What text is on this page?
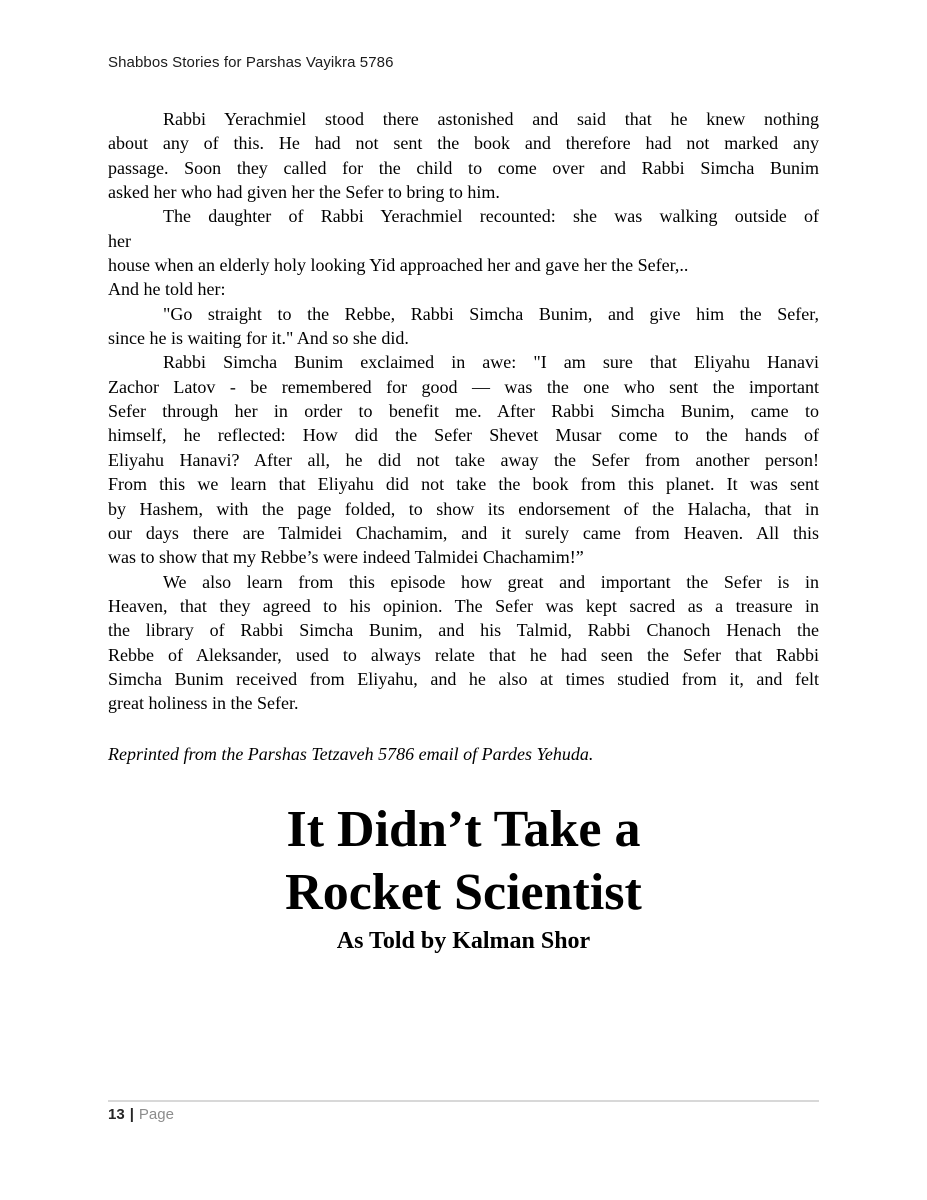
Shabbos Stories for Parshas Vayikra 5786
Rabbi Yerachmiel stood there astonished and said that he knew nothing
about any of this. He had not sent the book and therefore had not marked any
passage. Soon they called for the child to come over and Rabbi Simcha Bunim
asked her who had given her the Sefer to bring to him.
The daughter of Rabbi Yerachmiel recounted: she was walking outside of
her
house when an elderly holy looking Yid approached her and gave her the Sefer,..
And he told her:
"Go straight to the Rebbe, Rabbi Simcha Bunim, and give him the Sefer,
since he is waiting for it." And so she did.
Rabbi Simcha Bunim exclaimed in awe: "I am sure that Eliyahu Hanavi
Zachor Latov - be remembered for good — was the one who sent the important
Sefer through her in order to benefit me. After Rabbi Simcha Bunim, came to
himself, he reflected: How did the Sefer Shevet Musar come to the hands of
Eliyahu Hanavi? After all, he did not take away the Sefer from another person!
From this we learn that Eliyahu did not take the book from this planet. It was sent
by Hashem, with the page folded, to show its endorsement of the Halacha, that in
our days there are Talmidei Chachamim, and it surely came from Heaven. All this
was to show that my Rebbe’s were indeed Talmidei Chachamim!”
We also learn from this episode how great and important the Sefer is in
Heaven, that they agreed to his opinion. The Sefer was kept sacred as a treasure in
the library of Rabbi Simcha Bunim, and his Talmid, Rabbi Chanoch Henach the
Rebbe of Aleksander, used to always relate that he had seen the Sefer that Rabbi
Simcha Bunim received from Eliyahu, and he also at times studied from it, and felt
great holiness in the Sefer.
Reprinted from the Parshas Tetzaveh 5786 email of Pardes Yehuda.
It Didn’t Take a
Rocket Scientist
As Told by Kalman Shor
13 | Page
